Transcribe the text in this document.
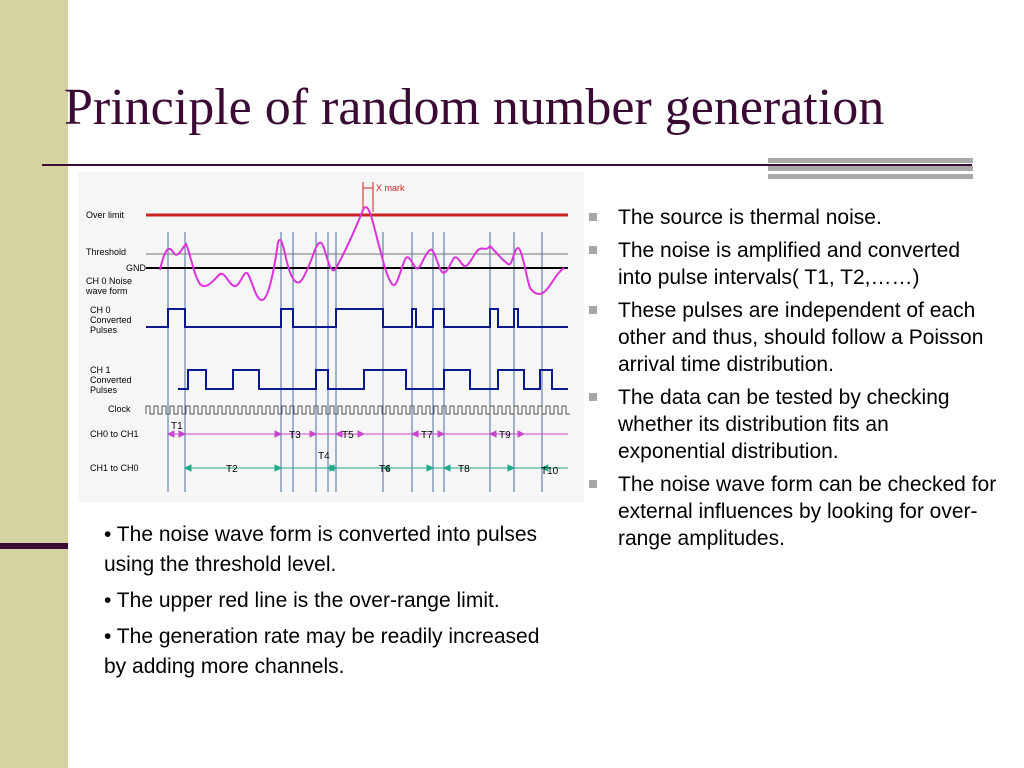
Principle of random number generation
X mark
Over limit
Threshold
GND
CH 0 Noise
wave form
CH 0
Converted
Pulses
CH 1
Converted
Pulses
Clock
CH0 to CH1
CH1 to CH0
T1
T2
T3
T4
T5
T6
T7
T8
T9
T10

• The noise wave form is converted into pulses using the threshold level.

• The upper red line is the over-range limit.

• The generation rate may be readily increased by adding more channels.

The source is thermal noise.
The noise is amplified and converted into pulse intervals( T1, T2,……)
These pulses are independent of each other and thus, should follow a Poisson arrival time distribution.
The data can be tested by checking whether its distribution fits an exponential distribution.
The noise wave form can be checked for external influences by looking for over-range amplitudes.
